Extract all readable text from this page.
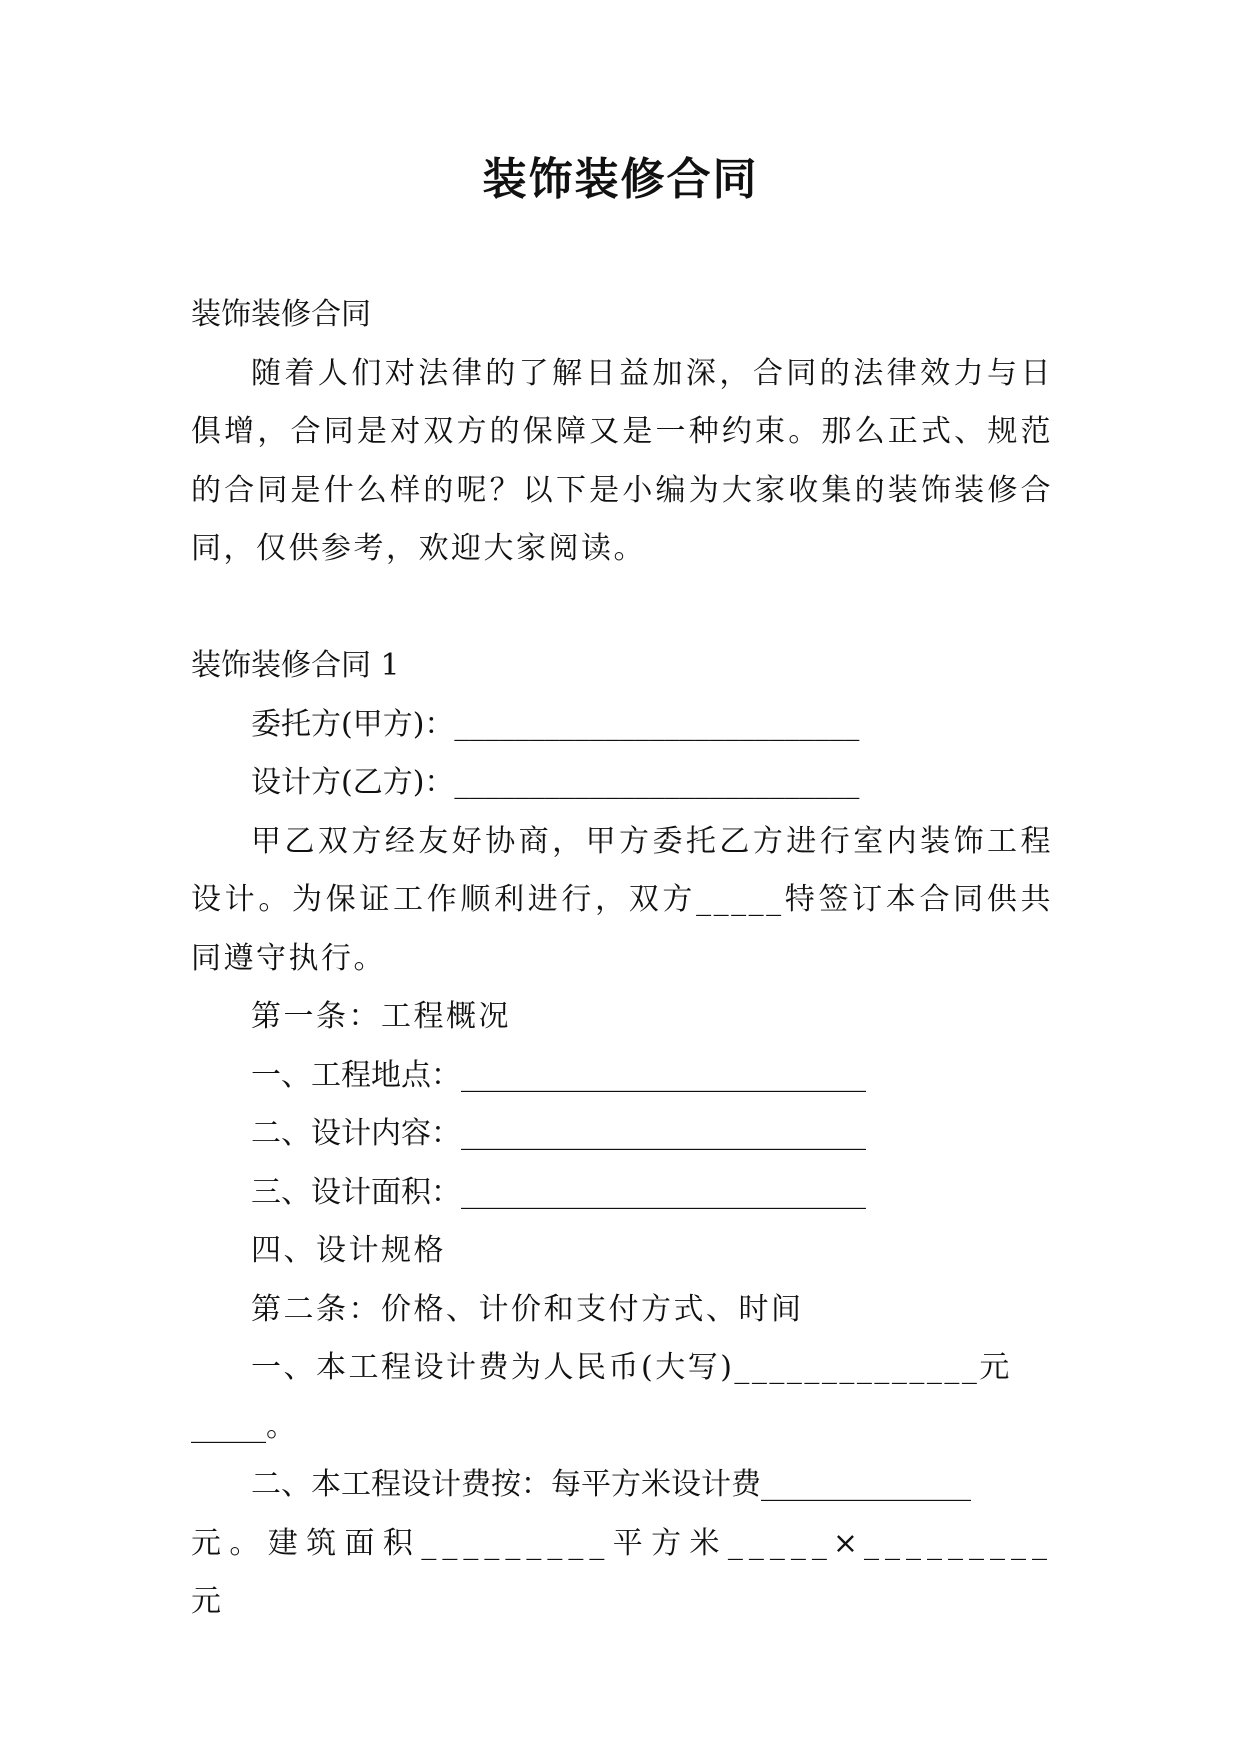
装饰装修合同

装饰装修合同

随着人们对法律的了解日益加深，合同的法律效力与日俱增，合同是对双方的保障又是一种约束。那么正式、规范的合同是什么样的呢？以下是小编为大家收集的装饰装修合同，仅供参考，欢迎大家阅读。

装饰装修合同 1

委托方(甲方)：___________________________

设计方(乙方)：___________________________

甲乙双方经友好协商，甲方委托乙方进行室内装饰工程设计。为保证工作顺利进行，双方_____特签订本合同供共同遵守执行。

第一条：工程概况

一、工程地点：___________________________

二、设计内容：___________________________

三、设计面积：___________________________

四、设计规格

第二条：价格、计价和支付方式、时间

一、本工程设计费为人民币(大写)______________元

_____。

二、本工程设计费按：每平方米设计费______________

元。建筑面积_________平方米_____×_________元
